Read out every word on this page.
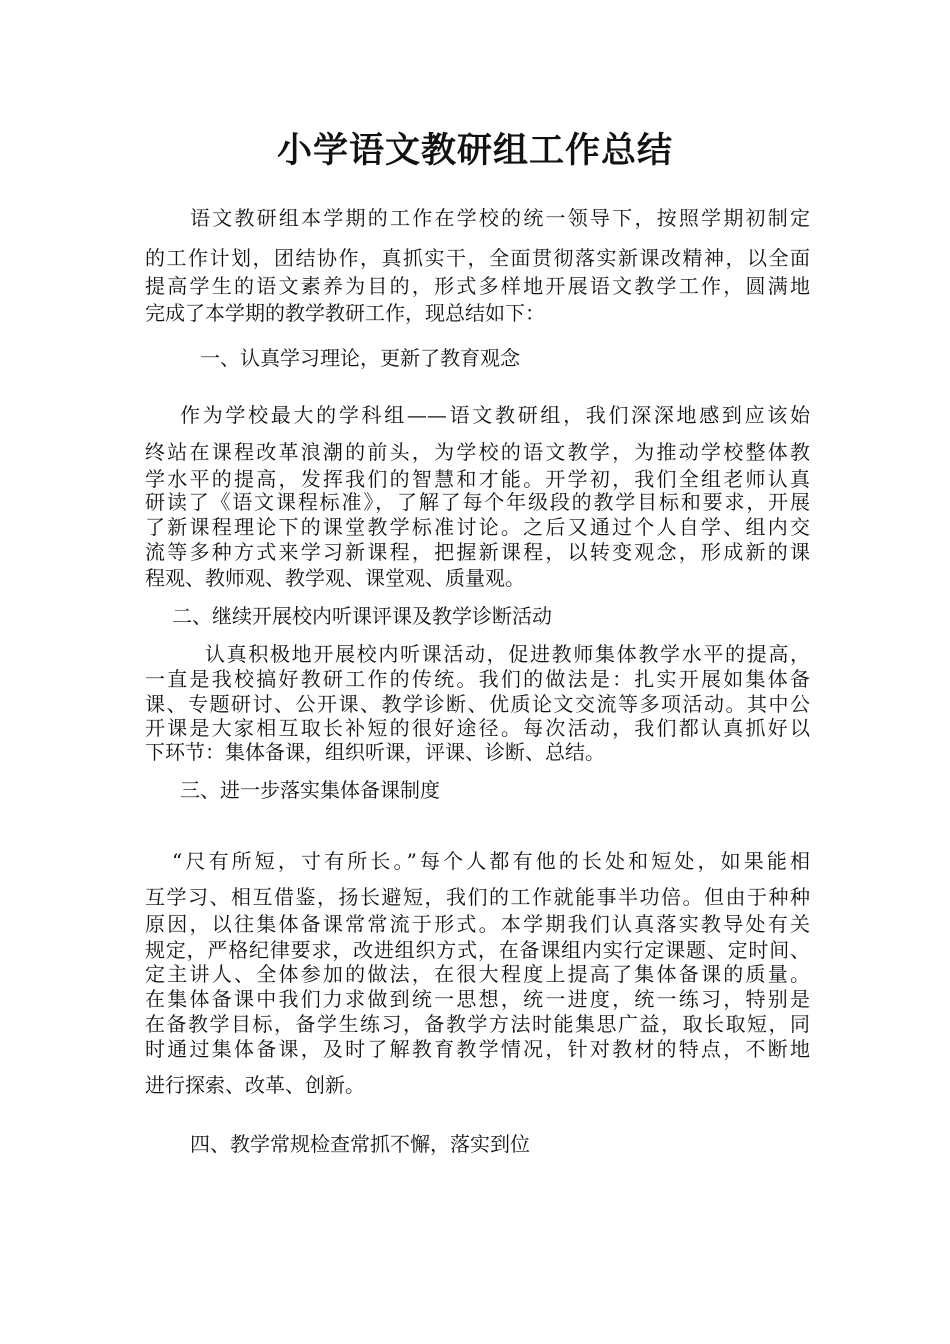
小学语文教研组工作总结
语文教研组本学期的工作在学校的统一领导下，按照学期初制定
的工作计划，团结协作，真抓实干，全面贯彻落实新课改精神，以全面
提高学生的语文素养为目的，形式多样地开展语文教学工作，圆满地
完成了本学期的教学教研工作，现总结如下：
一、认真学习理论，更新了教育观念
作为学校最大的学科组——语文教研组，我们深深地感到应该始
终站在课程改革浪潮的前头，为学校的语文教学，为推动学校整体教
学水平的提高，发挥我们的智慧和才能。开学初，我们全组老师认真
研读了《语文课程标准》，了解了每个年级段的教学目标和要求，开展
了新课程理论下的课堂教学标准讨论。之后又通过个人自学、组内交
流等多种方式来学习新课程，把握新课程，以转变观念，形成新的课
程观、教师观、教学观、课堂观、质量观。
二、继续开展校内听课评课及教学诊断活动
认真积极地开展校内听课活动，促进教师集体教学水平的提高，
一直是我校搞好教研工作的传统。我们的做法是：扎实开展如集体备
课、专题研讨、公开课、教学诊断、优质论文交流等多项活动。其中公
开课是大家相互取长补短的很好途径。每次活动，我们都认真抓好以
下环节：集体备课，组织听课，评课、诊断、总结。
三、进一步落实集体备课制度
“尺有所短，寸有所长。”每个人都有他的长处和短处，如果能相
互学习、相互借鉴，扬长避短，我们的工作就能事半功倍。但由于种种
原因，以往集体备课常常流于形式。本学期我们认真落实教导处有关
规定，严格纪律要求，改进组织方式，在备课组内实行定课题、定时间、
定主讲人、全体参加的做法，在很大程度上提高了集体备课的质量。
在集体备课中我们力求做到统一思想，统一进度，统一练习，特别是
在备教学目标，备学生练习，备教学方法时能集思广益，取长取短，同
时通过集体备课，及时了解教育教学情况，针对教材的特点，不断地
进行探索、改革、创新。
四、教学常规检查常抓不懈，落实到位
